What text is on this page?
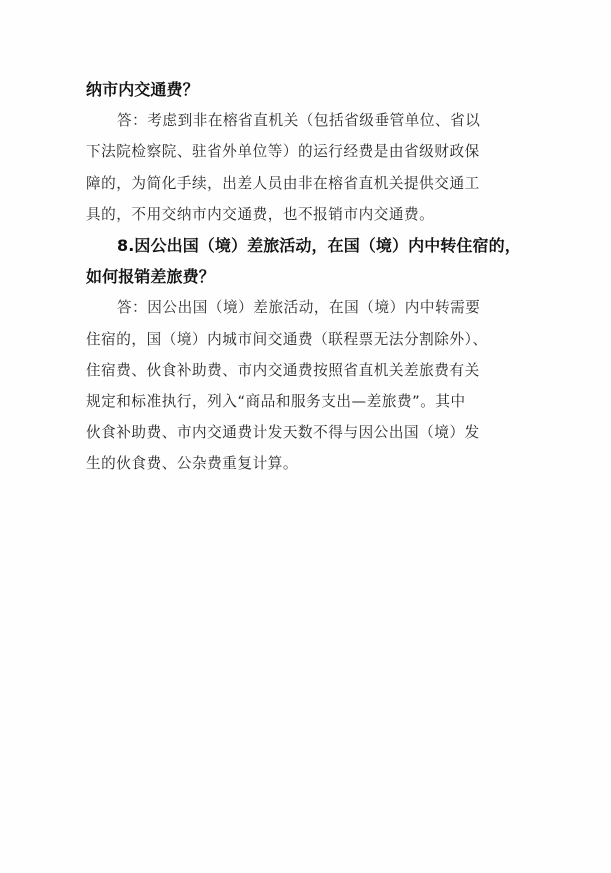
纳市内交通费？
答：考虑到非在榕省直机关（包括省级垂管单位、省以
下法院检察院、驻省外单位等）的运行经费是由省级财政保
障的，为简化手续，出差人员由非在榕省直机关提供交通工
具的，不用交纳市内交通费，也不报销市内交通费。
8.因公出国（境）差旅活动，在国（境）内中转住宿的，
如何报销差旅费？
答：因公出国（境）差旅活动，在国（境）内中转需要
住宿的，国（境）内城市间交通费（联程票无法分割除外）、
住宿费、伙食补助费、市内交通费按照省直机关差旅费有关
规定和标准执行，列入“商品和服务支出—差旅费”。其中
伙食补助费、市内交通费计发天数不得与因公出国（境）发
生的伙食费、公杂费重复计算。
